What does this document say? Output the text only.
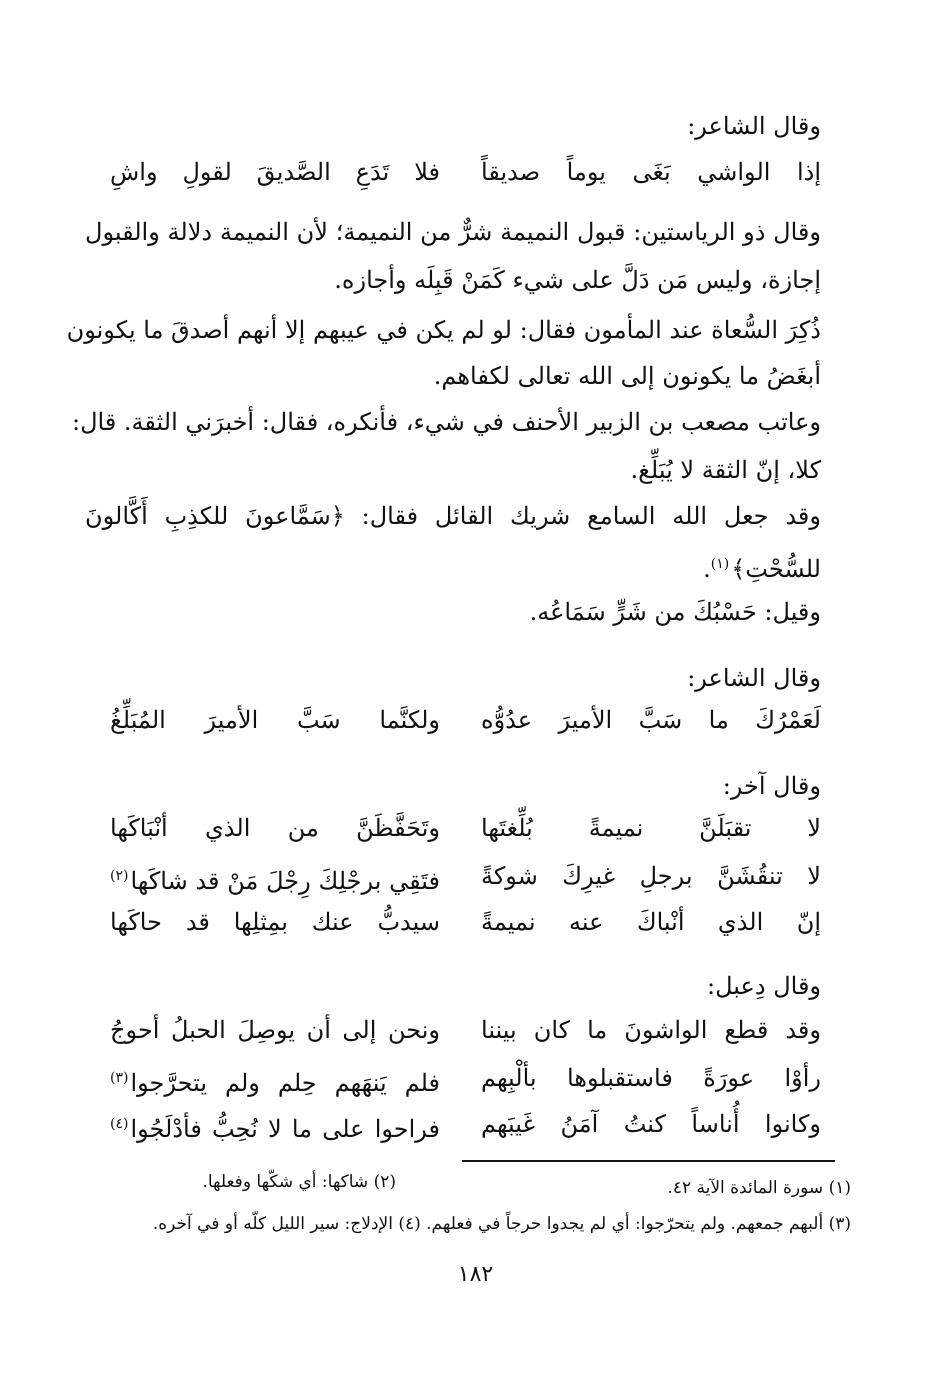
وقال الشاعر:
إذا الواشي بَغَى يوماً صديقاً
فلا تَدَعِ الصَّديقَ لقولِ واشِ
وقال ذو الرياستين: قبول النميمة شرٌّ من النميمة؛ لأن النميمة دلالة والقبول
إجازة، وليس مَن دَلَّ على شيء كَمَنْ قَبِلَه وأجازه.
ذُكِرَ السُّعاة عند المأمون فقال: لو لم يكن في عيبهم إلا أنهم أصدقَ ما يكونون
أبغَضُ ما يكونون إلى الله تعالى لكفاهم.
وعاتب مصعب بن الزبير الأحنف في شيء، فأنكره، فقال: أخبرَني الثقة. قال:
كلا، إنّ الثقة لا يُبَلِّغ.
وقد جعل الله السامع شريك القائل فقال: ﴿سَمَّاعونَ للكذِبِ أَكَّالونَ
للسُّحْتِ﴾$^{(١)}$.
وقيل: حَسْبُكَ من شَرٍّ سَمَاعُه.
وقال الشاعر:
لَعَمْرُكَ ما سَبَّ الأميرَ عدُوُّه
ولكنَّما سَبَّ الأميرَ المُبَلِّغُ
وقال آخر:
لا تقبَلَنَّ نميمةً بُلِّغتَها
وتَحَفَّظَنَّ من الذي أنْبَاكَها
لا تنقُشَنَّ برجلِ غيرِكَ شوكةً
فتَقِي برجْلِكَ رِجْلَ مَنْ قد شاكَها$^{(٢)}$
إنّ الذي أنْباكَ عنه نميمةً
سيدبُّ عنك بمِثلِها قد حاكَها
وقال دِعبل:
وقد قطع الواشونَ ما كان بيننا
ونحن إلى أن يوصِلَ الحبلُ أحوجُ
رأوْا عورَةً فاستقبلوها بألْبِهم
فلم يَنهَهم حِلم ولم يتحرَّجوا$^{(٣)}$
وكانوا أُناساً كنتُ آمَنُ غَيبَهم
فراحوا على ما لا نُحِبُّ فأدْلَجُوا$^{(٤)}$
(١) سورة المائدة الآية ٤٢.
(٢) شاكها: أي شكّها وفعلها.
(٣) ألبهم جمعهم. ولم يتحرّجوا: أي لم يجدوا حرجاً في فعلهم. (٤) الإدلاج: سير الليل كلّه أو في آخره.
١٨٢
